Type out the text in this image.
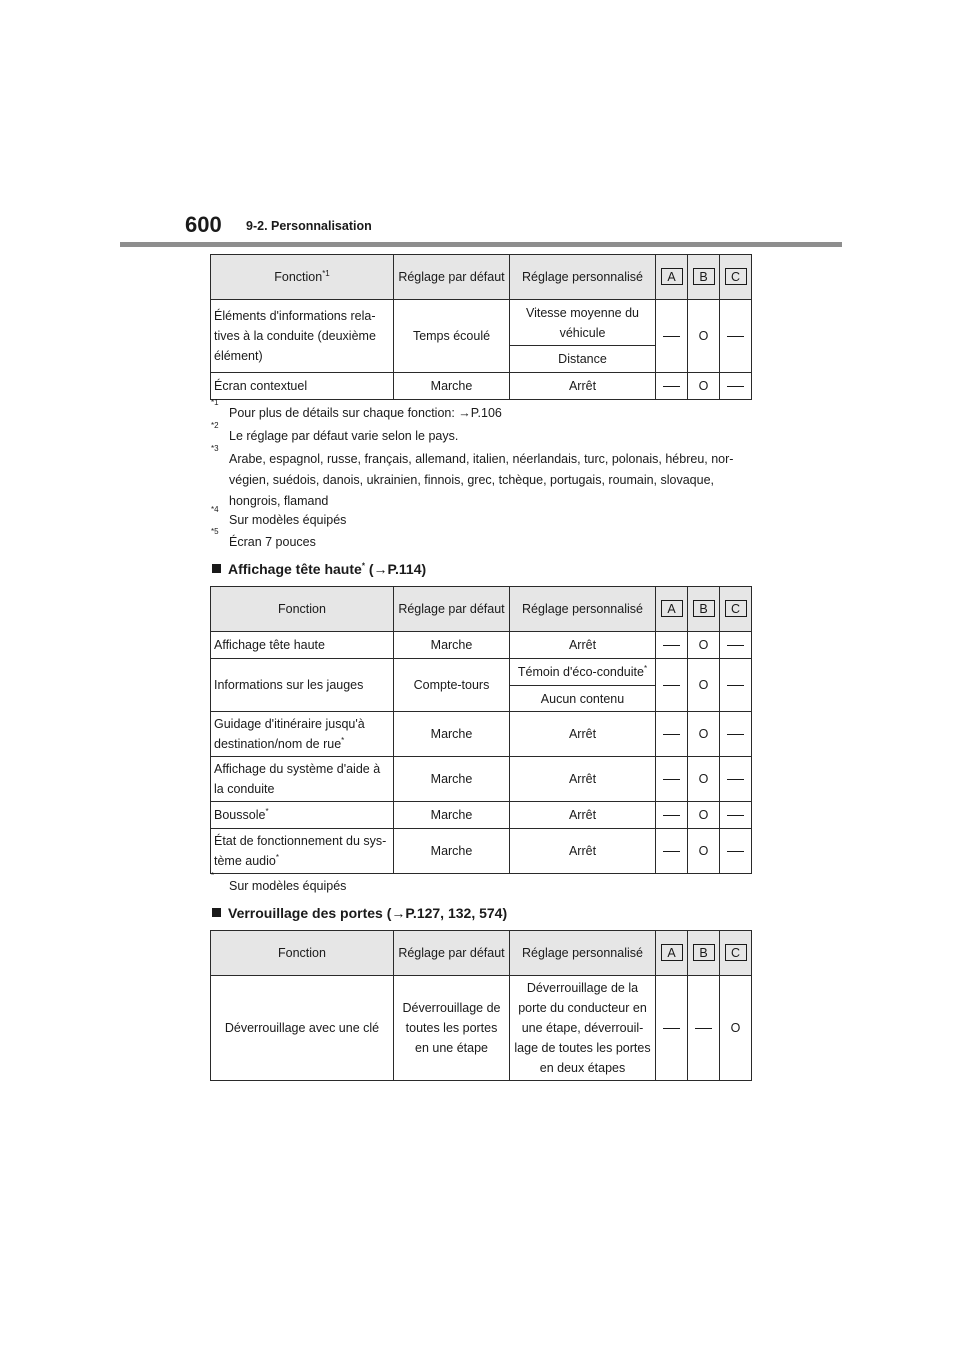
600 9-2. Personnalisation
Fonction$^{*1}$	Réglage par défaut	Réglage personnalisé	A	B	C
Éléments d'informations rela-tives à la conduite (deuxième élément)	Temps écoulé	Vitesse moyenne du véhicule		O	
		Distance			
Écran contextuel	Marche	Arrêt		O	
*1
Pour plus de détails sur chaque fonction: →P.106
*2
Le réglage par défaut varie selon le pays.
*3
Arabe, espagnol, russe, français, allemand, italien, néerlandais, turc, polonais, hébreu, nor-végien, suédois, danois, ukrainien, finnois, grec, tchèque, portugais, roumain, slovaque, hongrois, flamand
*4
Sur modèles équipés
*5
Écran 7 pouces
Affichage tête haute* (→P.114)
Fonction	Réglage par défaut	Réglage personnalisé	A	B	C
Affichage tête haute	Marche	Arrêt		O	
Informations sur les jauges	Compte-tours	Témoin d'éco-conduite*		O	
		Aucun contenu			
Guidage d'itinéraire jusqu'à destination/nom de rue*	Marche	Arrêt		O	
Affichage du système d'aide à la conduite	Marche	Arrêt		O	
Boussole*	Marche	Arrêt		O	
État de fonctionnement du sys-tème audio*	Marche	Arrêt		O	
*
Sur modèles équipés
Verrouillage des portes (→P.127, 132, 574)
Fonction	Réglage par défaut	Réglage personnalisé	A	B	C
Déverrouillage avec une clé	Déverrouillage de toutes les portes en une étape	Déverrouillage de la porte du conducteur en une étape, déverrouil-lage de toutes les portes en deux étapes			O
